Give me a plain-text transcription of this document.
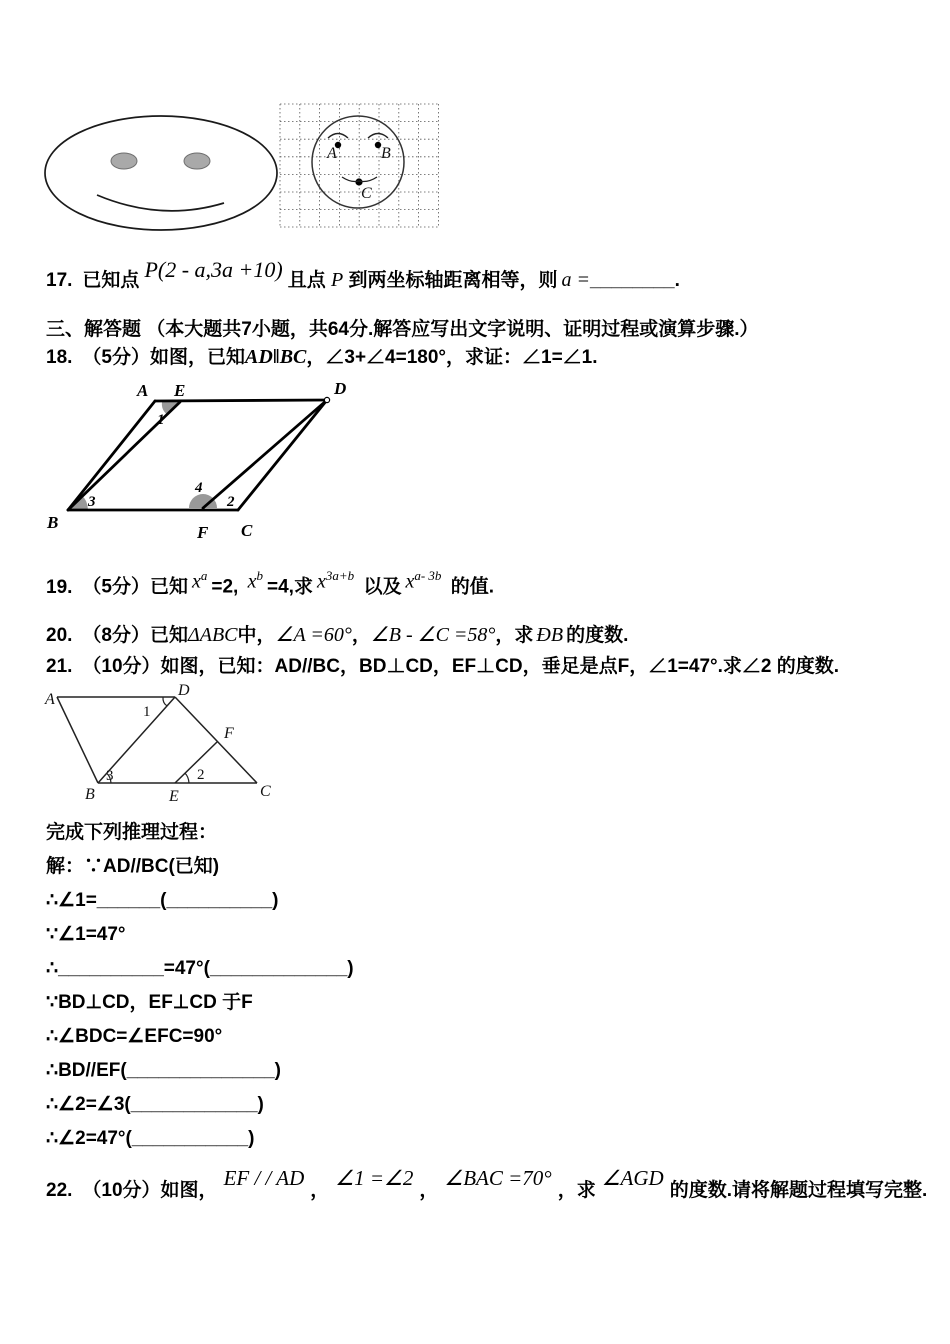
A	B
C
17. 已知点 P(2 - a,3a +10) 且点 P 到两坐标轴距离相等，则 a =________.
三、解答题 （本大题共7小题，共64分.解答应写出文字说明、证明过程或演算步骤.）
18. （5分）如图，已知AD‖BC，∠3+∠4=180°，求证：∠1=∠1.
A E	D
B
F C
1
3
4
2
19. （5分）已知 $x^a=2$, $x^b=4$,求 $x^{3a+b}$ 以及 $x^{a- 3b}$ 的值.
20. （8分）已知ΔABC中，∠A =60°，∠B - ∠C =58°，求 ÐB 的度数.
21. （10分）如图，已知：AD//BC，BD⊥CD，EF⊥CD，垂足是点F，∠1=47°.求∠2 的度数.
A
D
B	E	C
F
1
2
3
完成下列推理过程：
解：∵AD//BC(已知)
∴∠1=______(__________)
∵∠1=47°
∴__________=47°(_____________)
∵BD⊥CD，EF⊥CD 于F
∴∠BDC=∠EFC=90°
∴BD//EF(______________)
∴∠2=∠3(____________)
∴∠2=47°(___________)
22. （10分）如图，EF / / AD，∠1 =∠2，∠BAC =70°，求∠AGD的度数.请将解题过程填写完整.
